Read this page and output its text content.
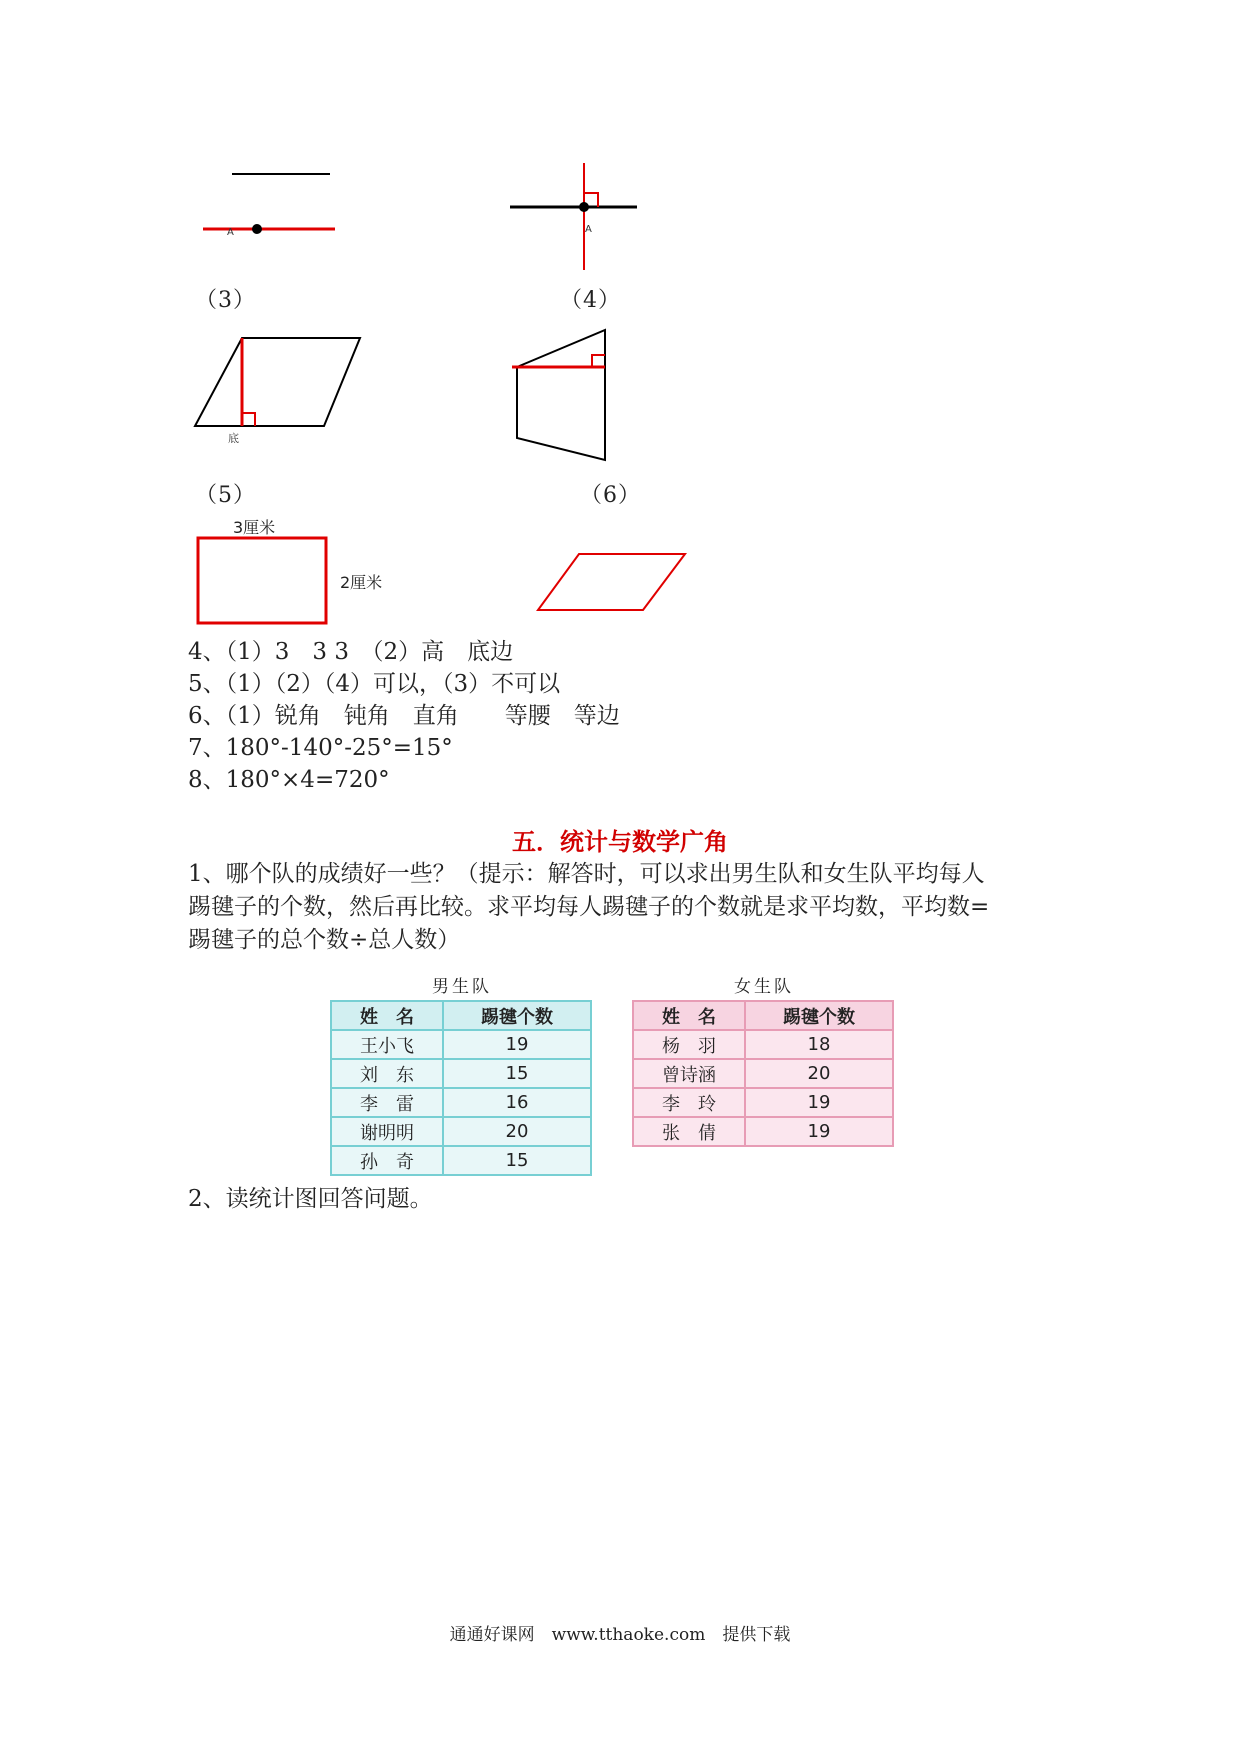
A
（3）
A
（4）
底
（5）	（6）
3厘米
2厘米
4、（1）3　3 3　（2）高　底边
5、（1）（2）（4）可以，（3）不可以
6、（1）锐角　钝角　直角　　等腰　等边
7、180°-140°-25°=15°
8、180°×4=720°
五．统计与数学广角
1、哪个队的成绩好一些？（提示：解答时，可以求出男生队和女生队平均每人
踢毽子的个数，然后再比较。求平均每人踢毽子的个数就是求平均数，平均数=
踢毽子的总个数÷总人数）
男生队
姓　名	踢毽个数
王小飞	19
刘　东	15
李　雷	16
谢明明	20
孙　奇	15
女生队
姓　名	踢毽个数
杨　羽	18
曾诗涵	20
李　玲	19
张　倩	19
2、读统计图回答问题。
通通好课网　www.tthaoke.com　提供下载
